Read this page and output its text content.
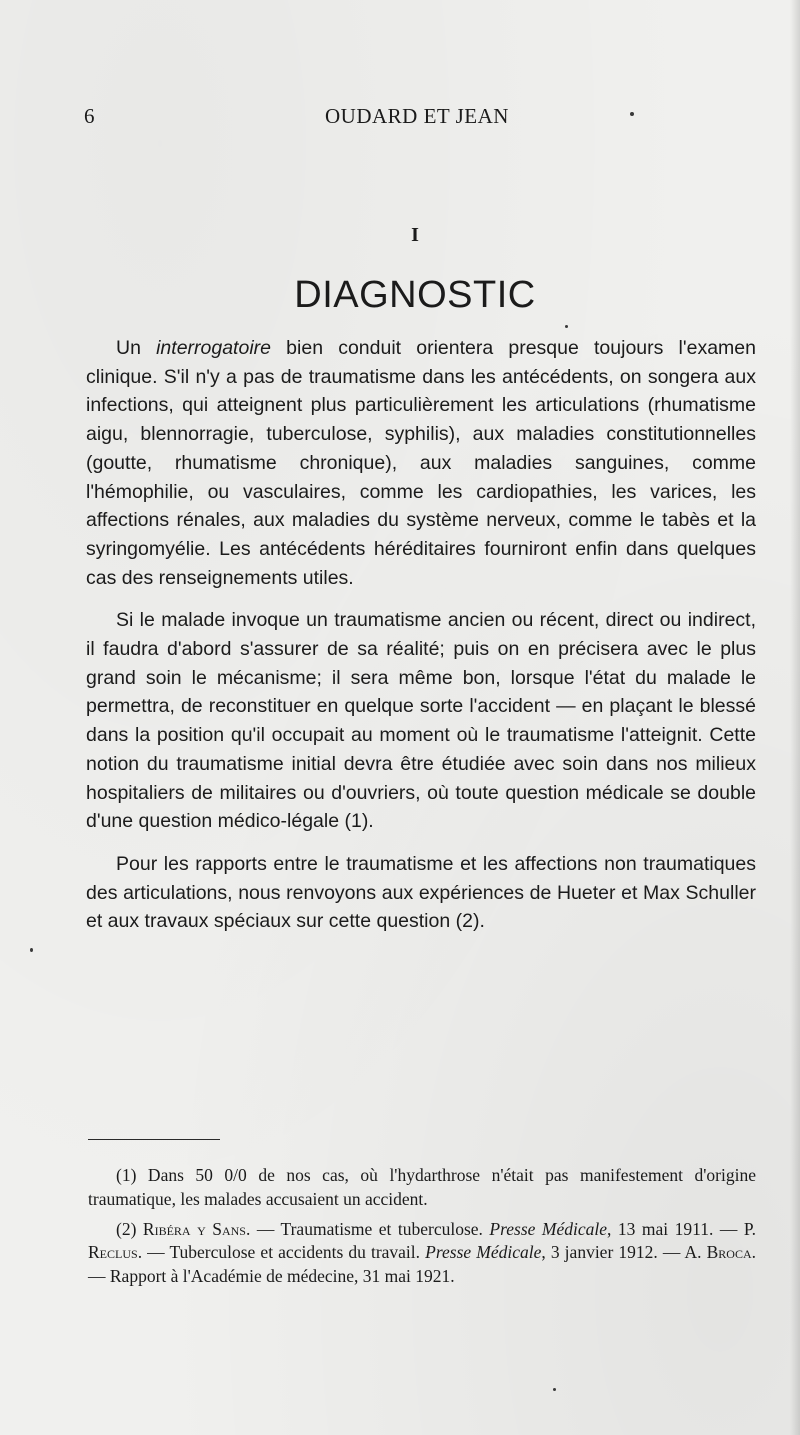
6	OUDARD ET JEAN
I
DIAGNOSTIC

Un interrogatoire bien conduit orientera presque toujours l'examen clinique. S'il n'y a pas de traumatisme dans les antécédents, on songera aux infections, qui atteignent plus particulièrement les articulations (rhumatisme aigu, blennorragie, tuberculose, syphilis), aux maladies constitutionnelles (goutte, rhumatisme chronique), aux maladies sanguines, comme l'hémophilie, ou vasculaires, comme les cardiopathies, les varices, les affections rénales, aux maladies du système nerveux, comme le tabès et la syringomyélie. Les antécédents héréditaires fourniront enfin dans quelques cas des renseignements utiles.

Si le malade invoque un traumatisme ancien ou récent, direct ou indirect, il faudra d'abord s'assurer de sa réalité; puis on en précisera avec le plus grand soin le mécanisme; il sera même bon, lorsque l'état du malade le permettra, de reconstituer en quelque sorte l'accident — en plaçant le blessé dans la position qu'il occupait au moment où le traumatisme l'atteignit. Cette notion du traumatisme initial devra être étudiée avec soin dans nos milieux hospitaliers de militaires ou d'ouvriers, où toute question médicale se double d'une question médico-légale (1).

Pour les rapports entre le traumatisme et les affections non traumatiques des articulations, nous renvoyons aux expériences de Hueter et Max Schuller et aux travaux spéciaux sur cette question (2).

(1) Dans 50 0/0 de nos cas, où l'hydarthrose n'était pas manifestement d'origine traumatique, les malades accusaient un accident.

(2) Ribéra y Sans. — Traumatisme et tuberculose. Presse Médicale, 13 mai 1911. — P. Reclus. — Tuberculose et accidents du travail. Presse Médicale, 3 janvier 1912. — A. Broca. — Rapport à l'Académie de médecine, 31 mai 1921.
